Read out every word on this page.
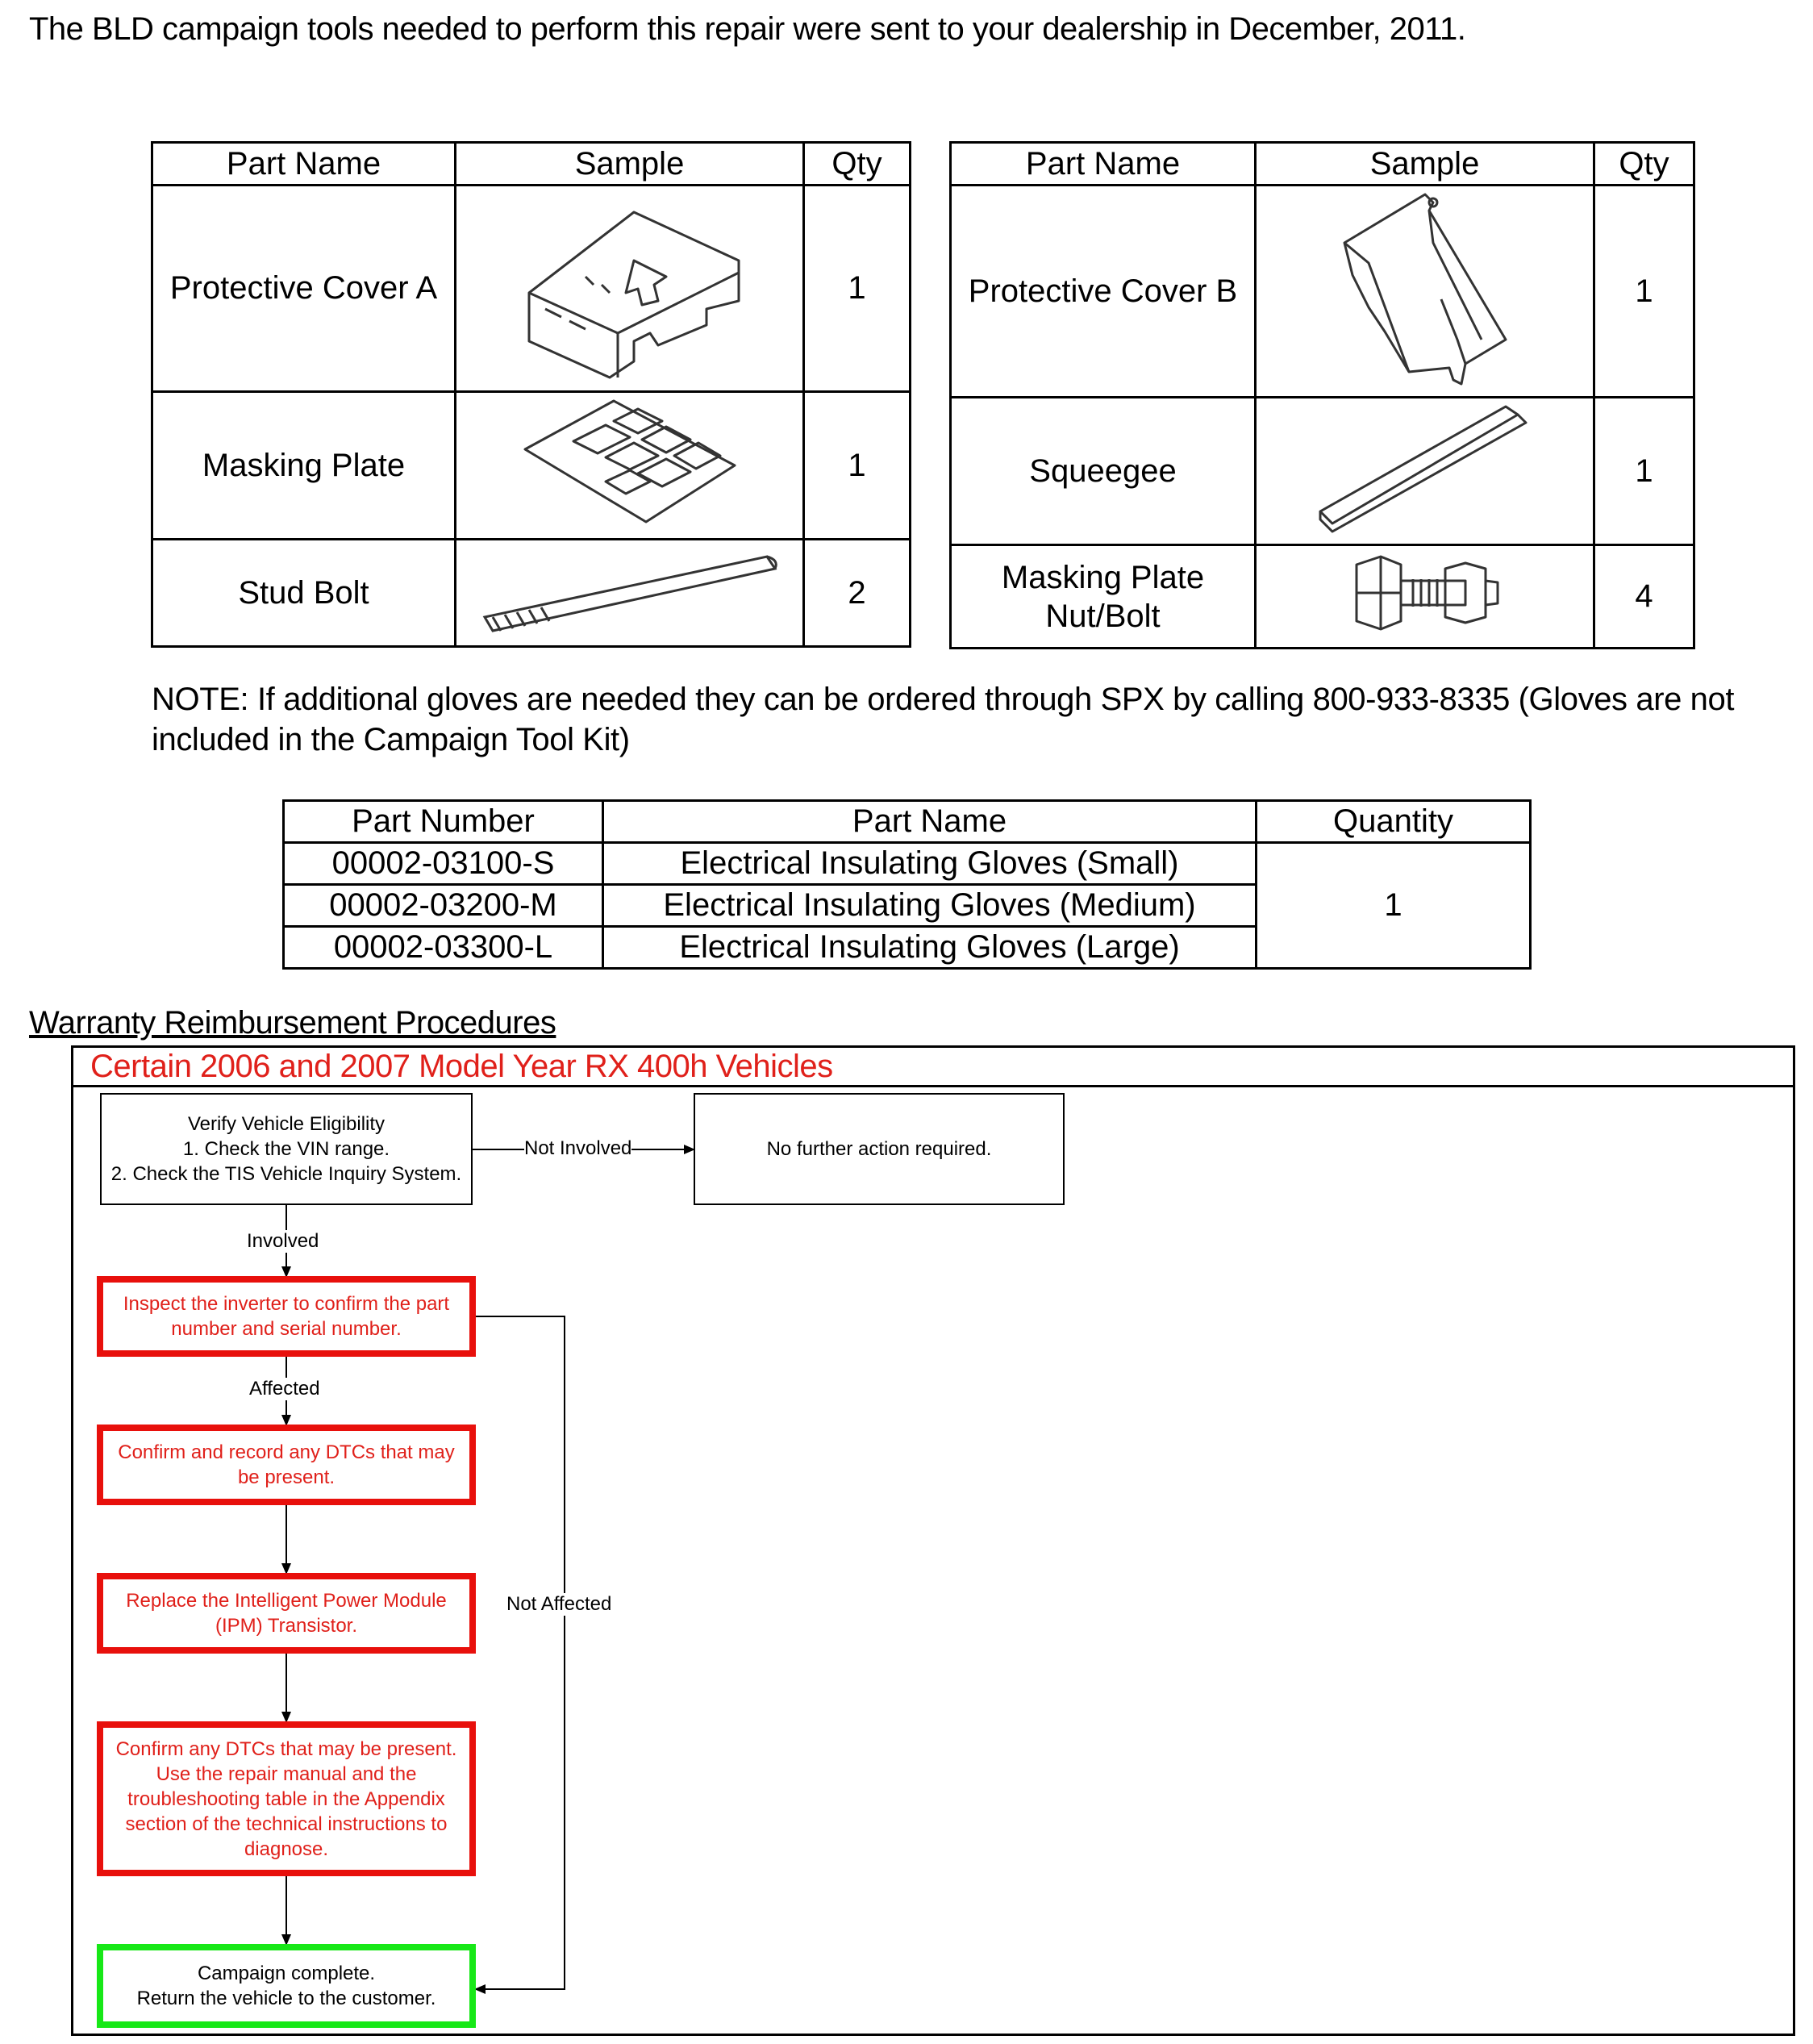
The BLD campaign tools needed to perform this repair were sent to your dealership in December, 2011.
Part Name	Sample	Qty
Protective Cover A		1
Masking Plate		1
Stud Bolt		2
Part Name	Sample	Qty
Protective Cover B		1
Squeegee		1
Masking Plate
Nut/Bolt		4
NOTE: If additional gloves are needed they can be ordered through SPX by calling 800-933-8335 (Gloves are not included in the Campaign Tool Kit)
Part Number	Part Name	Quantity
00002-03100-S	Electrical Insulating Gloves (Small)	1
00002-03200-M	Electrical Insulating Gloves (Medium)	
00002-03300-L	Electrical Insulating Gloves (Large)	
Warranty Reimbursement Procedures
Certain 2006 and 2007 Model Year RX 400h Vehicles
Verify Vehicle Eligibility
1. Check the VIN range.
2. Check the TIS Vehicle Inquiry System.
Not Involved	No further action required.
Involved
Inspect the inverter to confirm the part number and serial number.
Affected
Confirm and record any DTCs that may be present.
Replace the Intelligent Power Module (IPM) Transistor.
Not Affected
Confirm any DTCs that may be present. Use the repair manual and the troubleshooting table in the Appendix section of the technical instructions to diagnose.
Campaign complete.
Return the vehicle to the customer.
